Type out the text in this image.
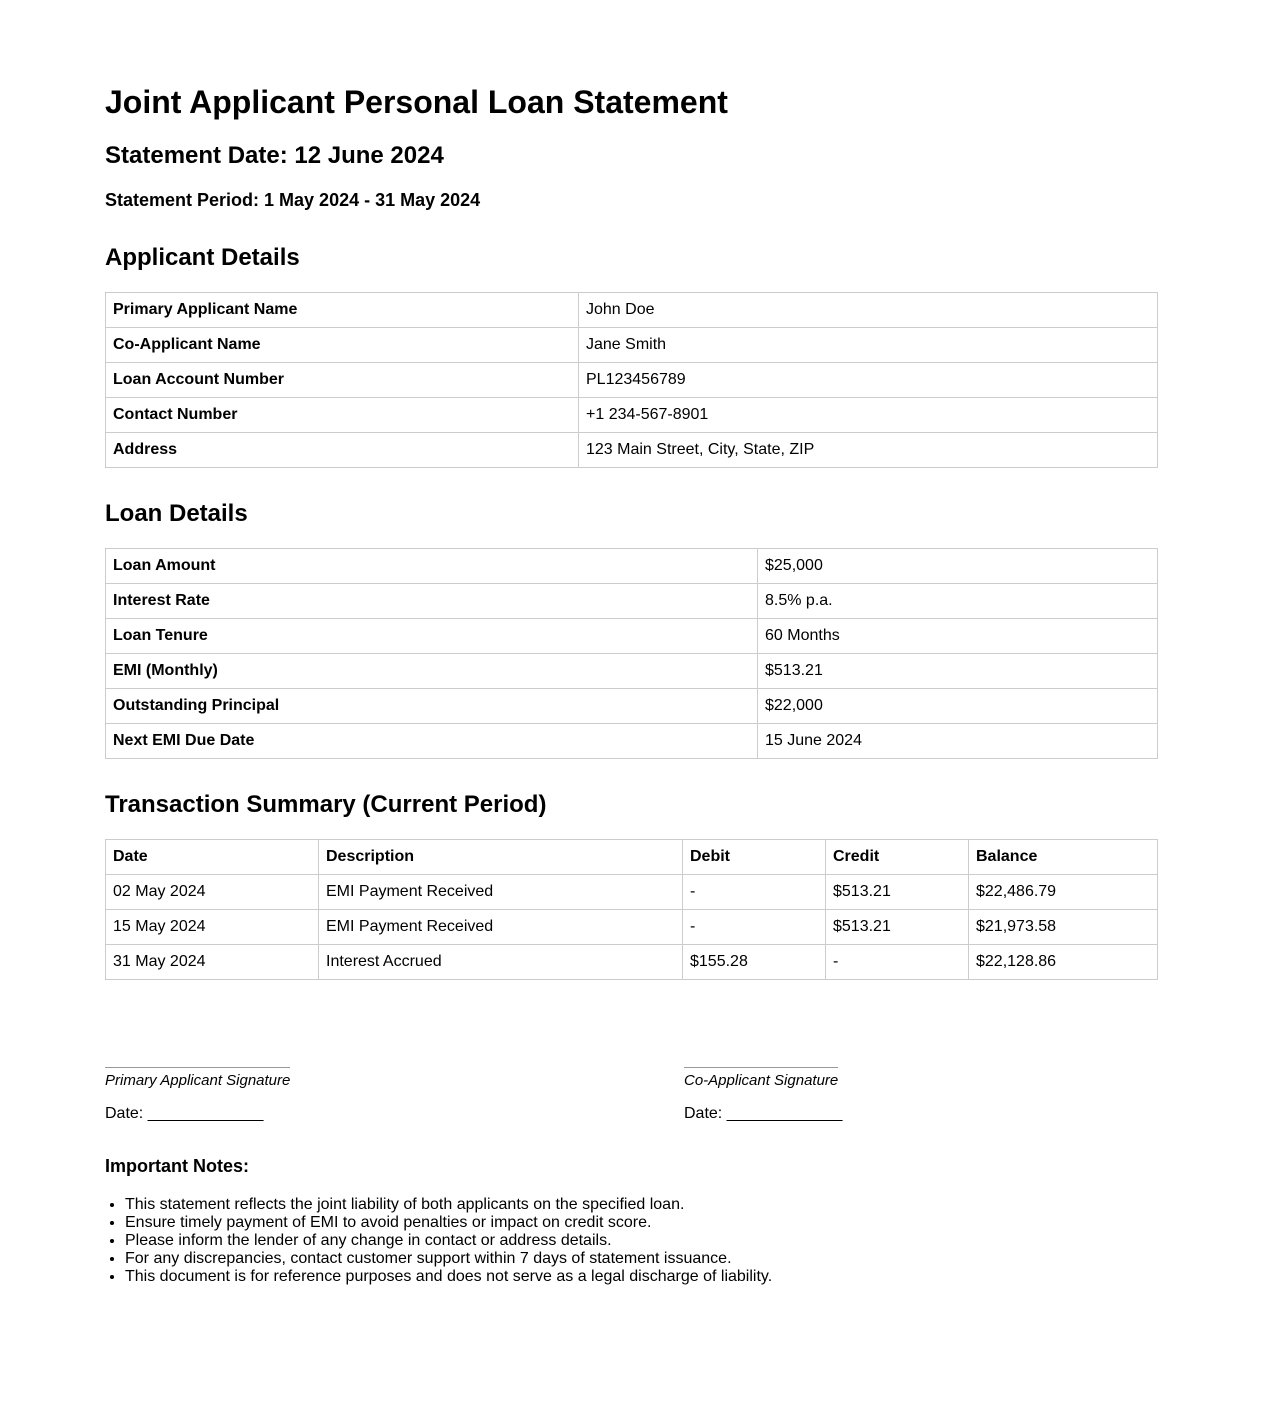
Joint Applicant Personal Loan Statement
Statement Date: 12 June 2024
Statement Period: 1 May 2024 - 31 May 2024
Applicant Details
Primary Applicant Name	John Doe
Co-Applicant Name	Jane Smith
Loan Account Number	PL123456789
Contact Number	+1 234-567-8901
Address	123 Main Street, City, State, ZIP
Loan Details
Loan Amount	$25,000
Interest Rate	8.5% p.a.
Loan Tenure	60 Months
EMI (Monthly)	$513.21
Outstanding Principal	$22,000
Next EMI Due Date	15 June 2024
Transaction Summary (Current Period)
Date	Description	Debit	Credit	Balance
02 May 2024	EMI Payment Received	-	$513.21	$22,486.79
15 May 2024	EMI Payment Received	-	$513.21	$21,973.58
31 May 2024	Interest Accrued	$155.28	-	$22,128.86
Primary Applicant Signature
Date: _____________
Co-Applicant Signature
Date: _____________
Important Notes:
• This statement reflects the joint liability of both applicants on the specified loan.
• Ensure timely payment of EMI to avoid penalties or impact on credit score.
• Please inform the lender of any change in contact or address details.
• For any discrepancies, contact customer support within 7 days of statement issuance.
• This document is for reference purposes and does not serve as a legal discharge of liability.
